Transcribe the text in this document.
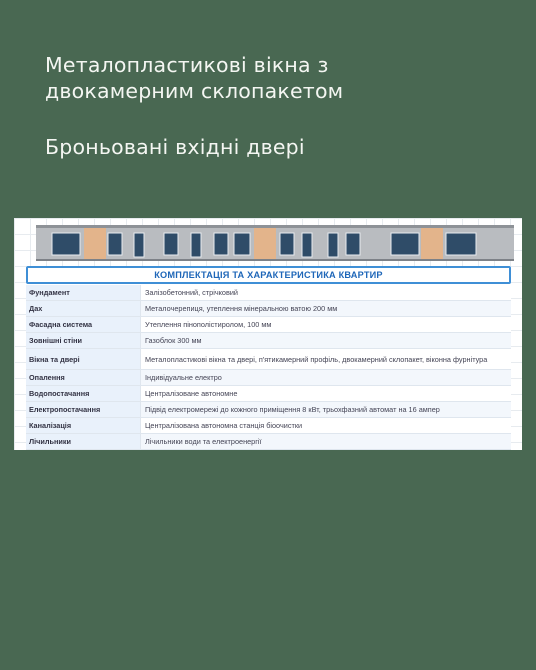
Металопластикові вікна з
двокамерним склопакетом
Броньовані вхідні двері
КОМПЛЕКТАЦІЯ ТА ХАРАКТЕРИСТИКА КВАРТИР
Фундамент	Залізобетонний, стрічковий
Дах	Металочерепиця, утеплення мінеральною ватою 200 мм
Фасадна система	Утеплення пінополістиролом, 100 мм
Зовнішні стіни	Газоблок 300 мм
Вікна та двері	Металопластикові вікна та двері, п'ятикамерний профіль, двокамерний склопакет, віконна фурнітура
Опалення	Індивідуальне електро
Водопостачання	Централізоване автономне
Електропостачання	Підвід електромережі до кожного приміщення 8 кВт, трьохфазний автомат на 16 ампер
Каналізація	Централізована автономна станція біоочистки
Лічильники	Лічильники води та електроенергії
